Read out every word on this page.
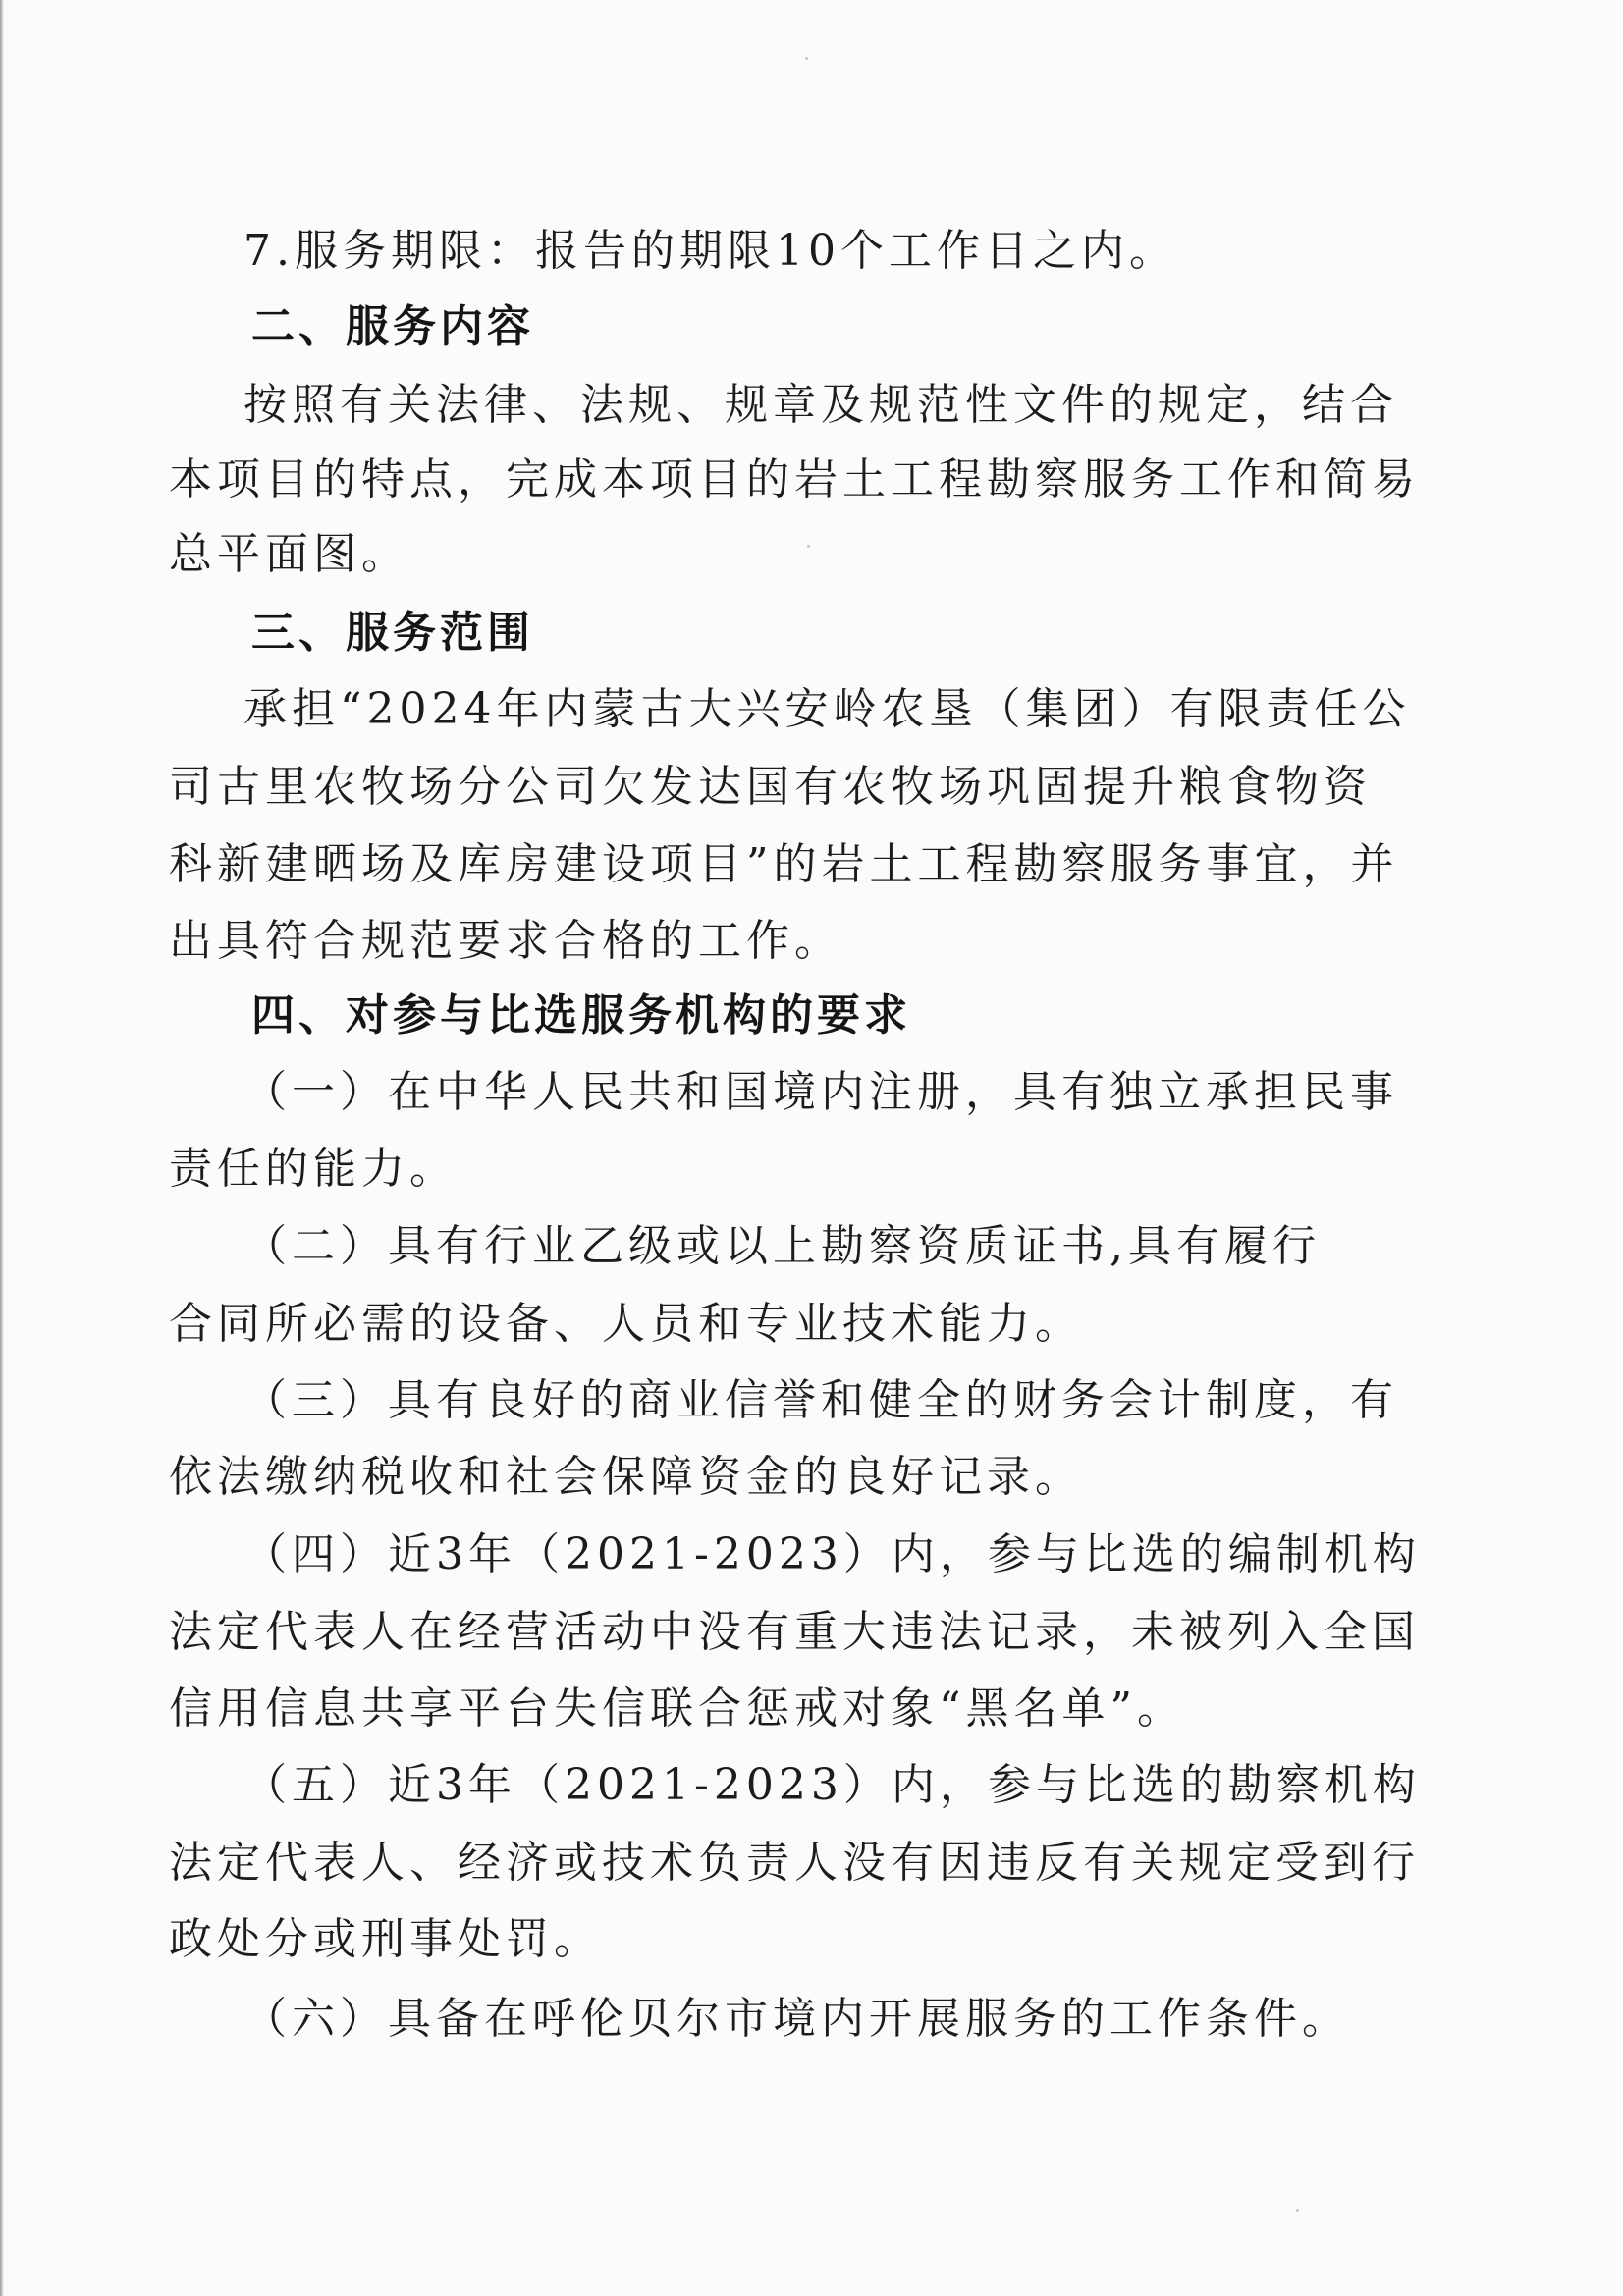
7.服务期限：报告的期限10个工作日之内。
二、服务内容
按照有关法律、法规、规章及规范性文件的规定，结合
本项目的特点，完成本项目的岩土工程勘察服务工作和简易
总平面图。
三、服务范围
承担“2024年内蒙古大兴安岭农垦（集团）有限责任公
司古里农牧场分公司欠发达国有农牧场巩固提升粮食物资
科新建晒场及库房建设项目”的岩土工程勘察服务事宜，并
出具符合规范要求合格的工作。
四、对参与比选服务机构的要求
（一）在中华人民共和国境内注册，具有独立承担民事
责任的能力。
（二）具有行业乙级或以上勘察资质证书,具有履行
合同所必需的设备、人员和专业技术能力。
（三）具有良好的商业信誉和健全的财务会计制度，有
依法缴纳税收和社会保障资金的良好记录。
（四）近3年（2021-2023）内，参与比选的编制机构
法定代表人在经营活动中没有重大违法记录，未被列入全国
信用信息共享平台失信联合惩戒对象“黑名单”。
（五）近3年（2021-2023）内，参与比选的勘察机构
法定代表人、经济或技术负责人没有因违反有关规定受到行
政处分或刑事处罚。
（六）具备在呼伦贝尔市境内开展服务的工作条件。
